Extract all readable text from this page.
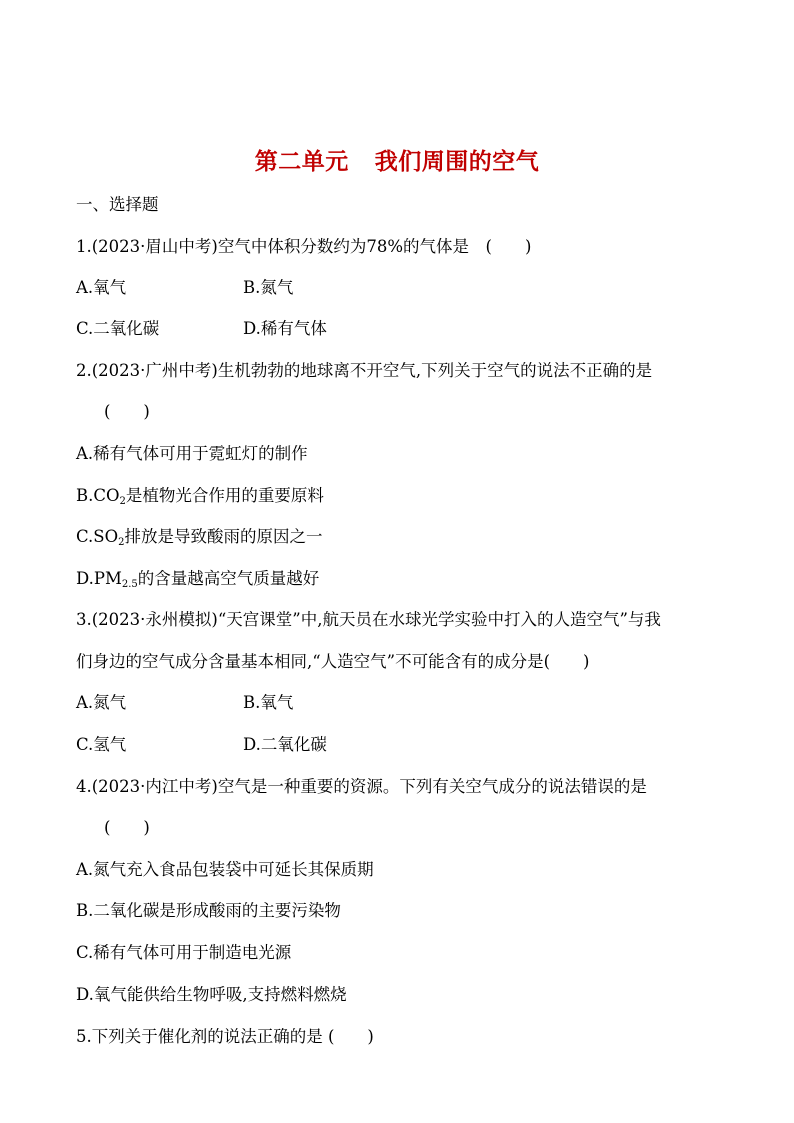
第二单元 我们周围的空气
一、选择题
1.(2023·眉山中考)空气中体积分数约为78%的气体是　(　　)
A.氧气	B.氮气
C.二氧化碳	D.稀有气体
2.(2023·广州中考)生机勃勃的地球离不开空气,下列关于空气的说法不正确的是
(　　)
A.稀有气体可用于霓虹灯的制作
$B.CO_2$是植物光合作用的重要原料
$C.SO_2$排放是导致酸雨的原因之一
$D.PM_{2.5}$的含量越高空气质量越好
3.(2023·永州模拟)“天宫课堂”中,航天员在水球光学实验中打入的人造空气”与我
们身边的空气成分含量基本相同,“人造空气”不可能含有的成分是(　　)
A.氮气	B.氧气
C.氢气	D.二氧化碳
4.(2023·内江中考)空气是一种重要的资源。下列有关空气成分的说法错误的是
(　　)
A.氮气充入食品包装袋中可延长其保质期
B.二氧化碳是形成酸雨的主要污染物
C.稀有气体可用于制造电光源
D.氧气能供给生物呼吸,支持燃料燃烧
5.下列关于催化剂的说法正确的是 (　　)
